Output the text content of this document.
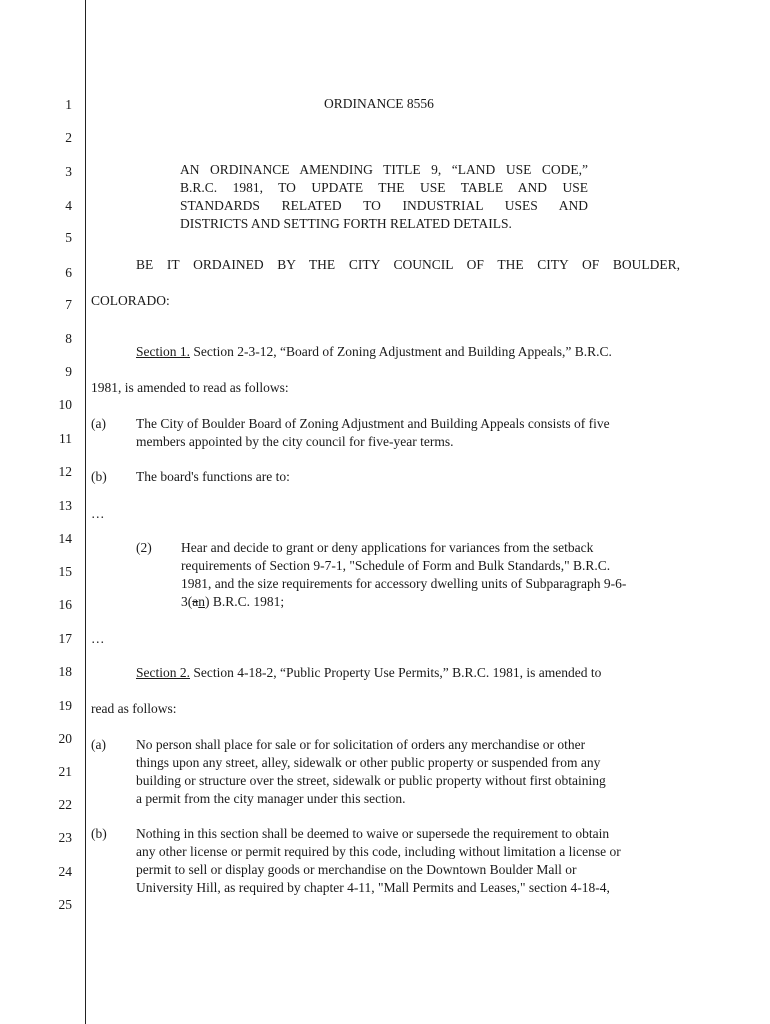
1
2
3
4
5
6
7
8
9
10
11
12
13
14
15
16
17
18
19
20
21
22
23
24
25
ORDINANCE 8556
AN ORDINANCE AMENDING TITLE 9, “LAND USE CODE,”
B.R.C. 1981, TO UPDATE THE USE TABLE AND USE
STANDARDS RELATED TO INDUSTRIAL USES AND
DISTRICTS AND SETTING FORTH RELATED DETAILS.
BE IT ORDAINED BY THE CITY COUNCIL OF THE CITY OF BOULDER,
COLORADO:
Section 1. Section 2-3-12, “Board of Zoning Adjustment and Building Appeals,” B.R.C.
1981, is amended to read as follows:
(a) The City of Boulder Board of Zoning Adjustment and Building Appeals consists of five
members appointed by the city council for five-year terms.
(b) The board's functions are to:
…
(2) Hear and decide to grant or deny applications for variances from the setback
requirements of Section 9-7-1, "Schedule of Form and Bulk Standards," B.R.C.
1981, and the size requirements for accessory dwelling units of Subparagraph 9-6-
3(an) B.R.C. 1981;
…
Section 2. Section 4-18-2, “Public Property Use Permits,” B.R.C. 1981, is amended to
read as follows:
(a) No person shall place for sale or for solicitation of orders any merchandise or other
things upon any street, alley, sidewalk or other public property or suspended from any
building or structure over the street, sidewalk or public property without first obtaining
a permit from the city manager under this section.
(b) Nothing in this section shall be deemed to waive or supersede the requirement to obtain
any other license or permit required by this code, including without limitation a license or
permit to sell or display goods or merchandise on the Downtown Boulder Mall or
University Hill, as required by chapter 4-11, "Mall Permits and Leases," section 4-18-4,
